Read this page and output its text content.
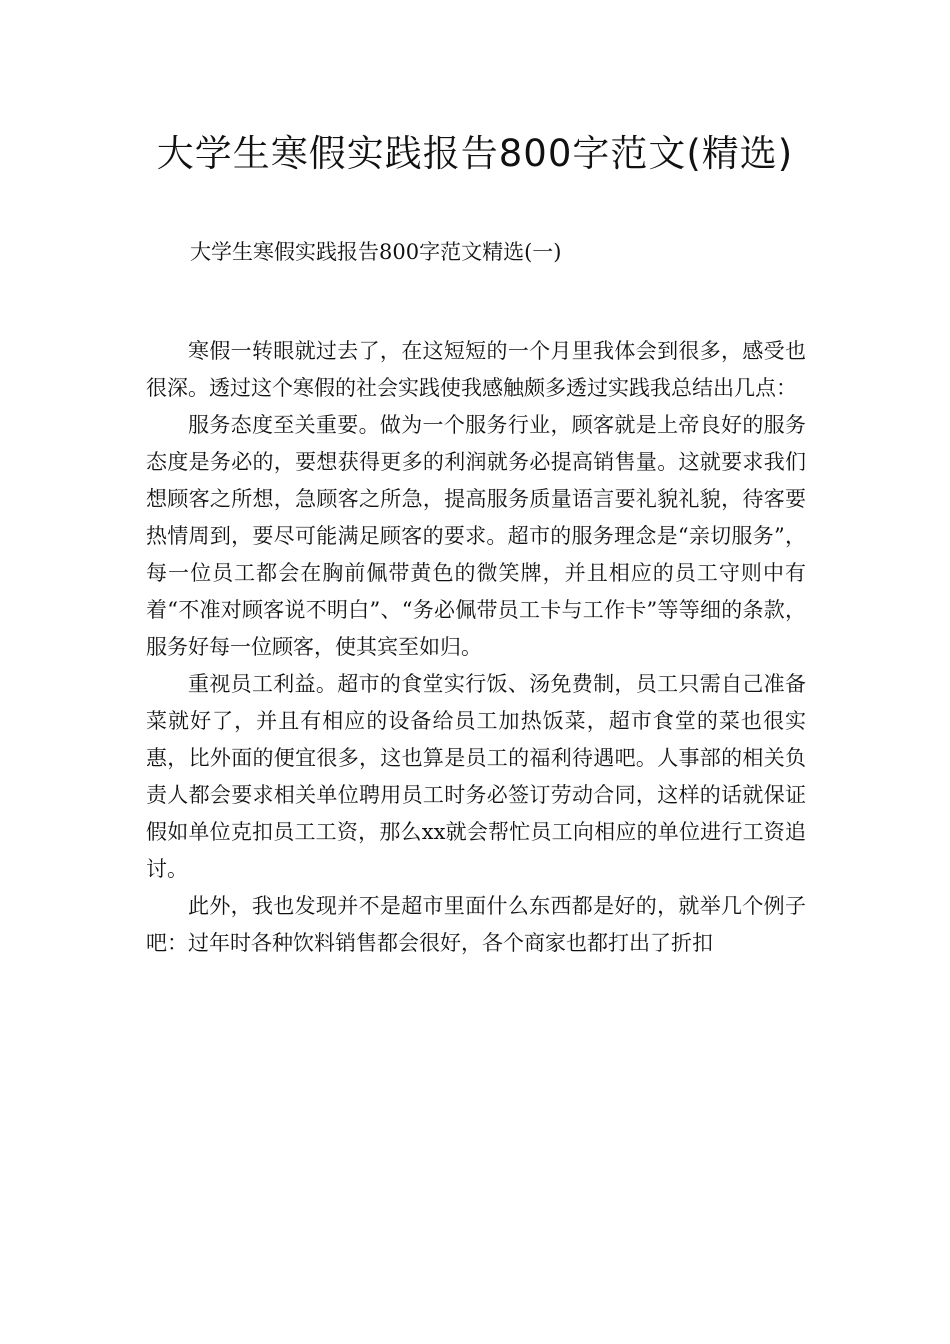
大学生寒假实践报告800字范文(精选)
大学生寒假实践报告800字范文精选(一)

寒假一转眼就过去了，在这短短的一个月里我体会到很多，感受也很深。透过这个寒假的社会实践使我感触颇多透过实践我总结出几点：

服务态度至关重要。做为一个服务行业，顾客就是上帝良好的服务态度是务必的，要想获得更多的利润就务必提高销售量。这就要求我们想顾客之所想，急顾客之所急，提高服务质量语言要礼貌礼貌，待客要热情周到，要尽可能满足顾客的要求。超市的服务理念是“亲切服务”，每一位员工都会在胸前佩带黄色的微笑牌，并且相应的员工守则中有着“不准对顾客说不明白”、“务必佩带员工卡与工作卡”等等细的条款，服务好每一位顾客，使其宾至如归。

重视员工利益。超市的食堂实行饭、汤免费制，员工只需自己准备菜就好了，并且有相应的设备给员工加热饭菜，超市食堂的菜也很实惠，比外面的便宜很多，这也算是员工的福利待遇吧。人事部的相关负责人都会要求相关单位聘用员工时务必签订劳动合同，这样的话就保证假如单位克扣员工工资，那么xx就会帮忙员工向相应的单位进行工资追讨。

此外，我也发现并不是超市里面什么东西都是好的，就举几个例子吧：过年时各种饮料销售都会很好，各个商家也都打出了折扣
